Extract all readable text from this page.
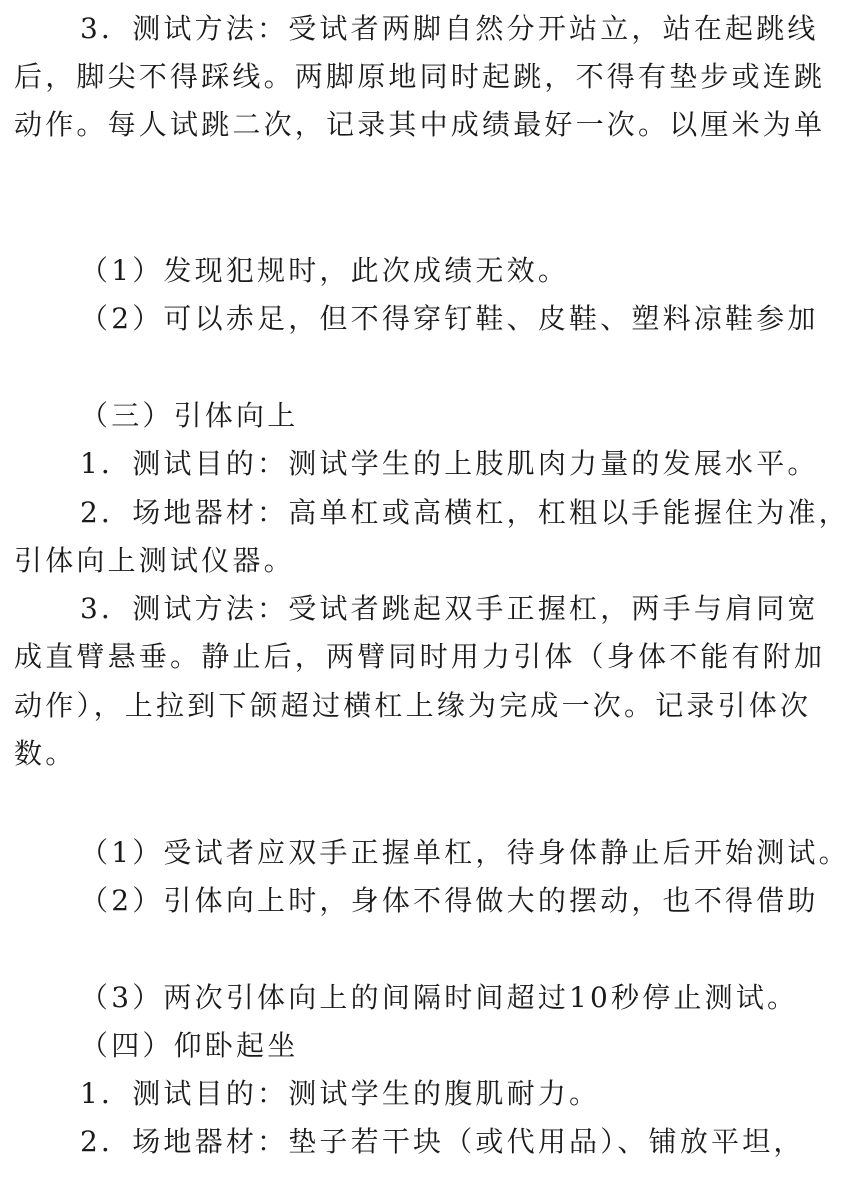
3．测试方法：受试者两脚自然分开站立，站在起跳线
后，脚尖不得踩线。两脚原地同时起跳，不得有垫步或连跳
动作。每人试跳二次，记录其中成绩最好一次。以厘米为单
（1）发现犯规时，此次成绩无效。
（2）可以赤足，但不得穿钉鞋、皮鞋、塑料凉鞋参加
（三）引体向上
1．测试目的：测试学生的上肢肌肉力量的发展水平。
2．场地器材：高单杠或高横杠，杠粗以手能握住为准，
引体向上测试仪器。
3．测试方法：受试者跳起双手正握杠，两手与肩同宽
成直臂悬垂。静止后，两臂同时用力引体（身体不能有附加
动作），上拉到下颌超过横杠上缘为完成一次。记录引体次
数。
（1）受试者应双手正握单杠，待身体静止后开始测试。
（2）引体向上时，身体不得做大的摆动，也不得借助
（3）两次引体向上的间隔时间超过10秒停止测试。
（四）仰卧起坐
1．测试目的：测试学生的腹肌耐力。
2．场地器材：垫子若干块（或代用品）、铺放平坦，
